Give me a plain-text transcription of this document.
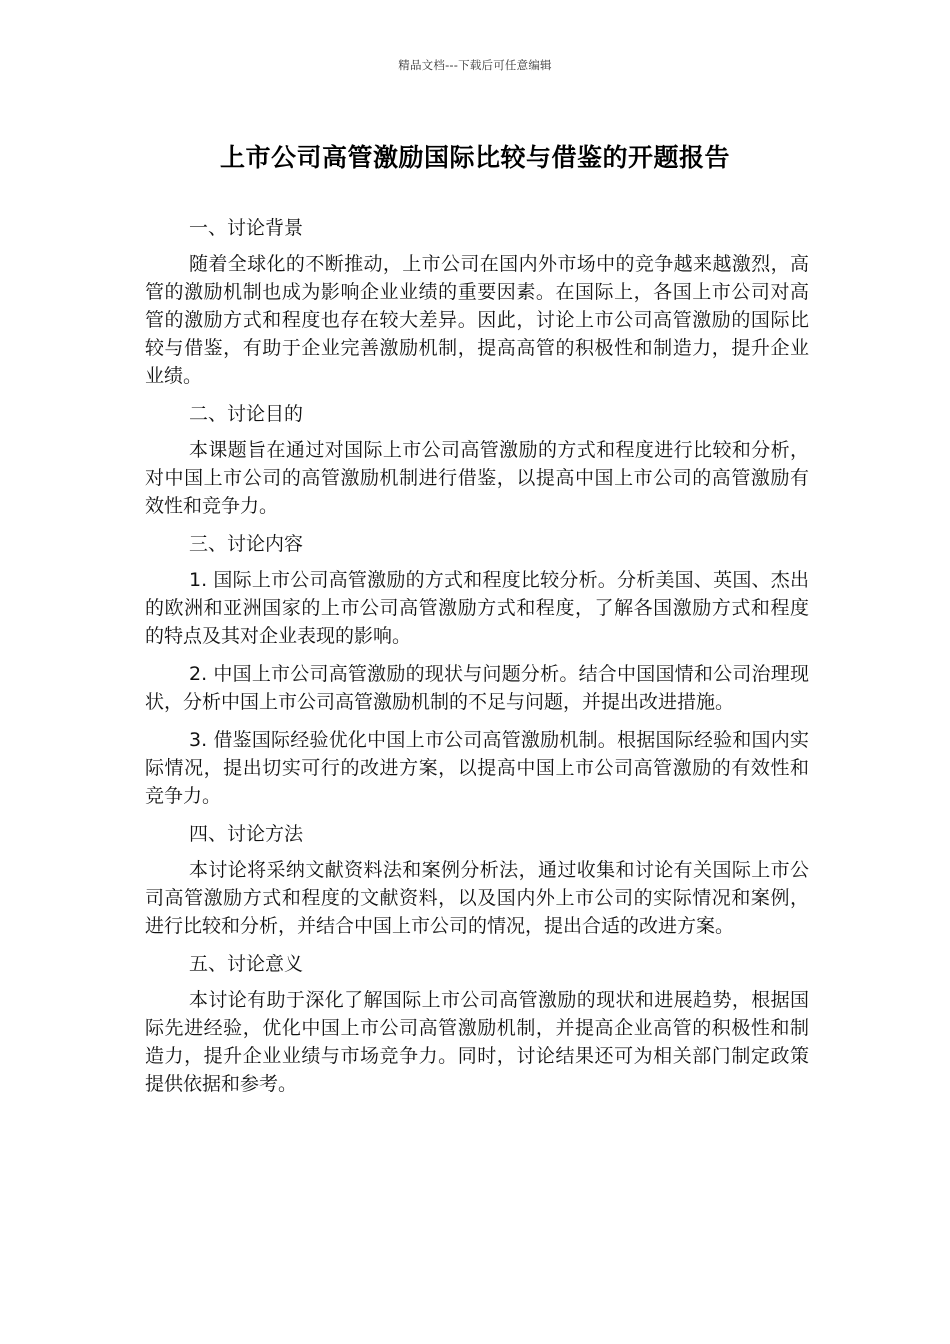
精品文档---下载后可任意编辑
上市公司高管激励国际比较与借鉴的开题报告

一、讨论背景

随着全球化的不断推动，上市公司在国内外市场中的竞争越来越激烈，高管的激励机制也成为影响企业业绩的重要因素。在国际上，各国上市公司对高管的激励方式和程度也存在较大差异。因此，讨论上市公司高管激励的国际比较与借鉴，有助于企业完善激励机制，提高高管的积极性和制造力，提升企业业绩。

二、讨论目的

本课题旨在通过对国际上市公司高管激励的方式和程度进行比较和分析，对中国上市公司的高管激励机制进行借鉴，以提高中国上市公司的高管激励有效性和竞争力。

三、讨论内容

1. 国际上市公司高管激励的方式和程度比较分析。分析美国、英国、杰出的欧洲和亚洲国家的上市公司高管激励方式和程度，了解各国激励方式和程度的特点及其对企业表现的影响。

2. 中国上市公司高管激励的现状与问题分析。结合中国国情和公司治理现状，分析中国上市公司高管激励机制的不足与问题，并提出改进措施。

3. 借鉴国际经验优化中国上市公司高管激励机制。根据国际经验和国内实际情况，提出切实可行的改进方案，以提高中国上市公司高管激励的有效性和竞争力。

四、讨论方法

本讨论将采纳文献资料法和案例分析法，通过收集和讨论有关国际上市公司高管激励方式和程度的文献资料，以及国内外上市公司的实际情况和案例，进行比较和分析，并结合中国上市公司的情况，提出合适的改进方案。

五、讨论意义

本讨论有助于深化了解国际上市公司高管激励的现状和进展趋势，根据国际先进经验，优化中国上市公司高管激励机制，并提高企业高管的积极性和制造力，提升企业业绩与市场竞争力。同时，讨论结果还可为相关部门制定政策提供依据和参考。
